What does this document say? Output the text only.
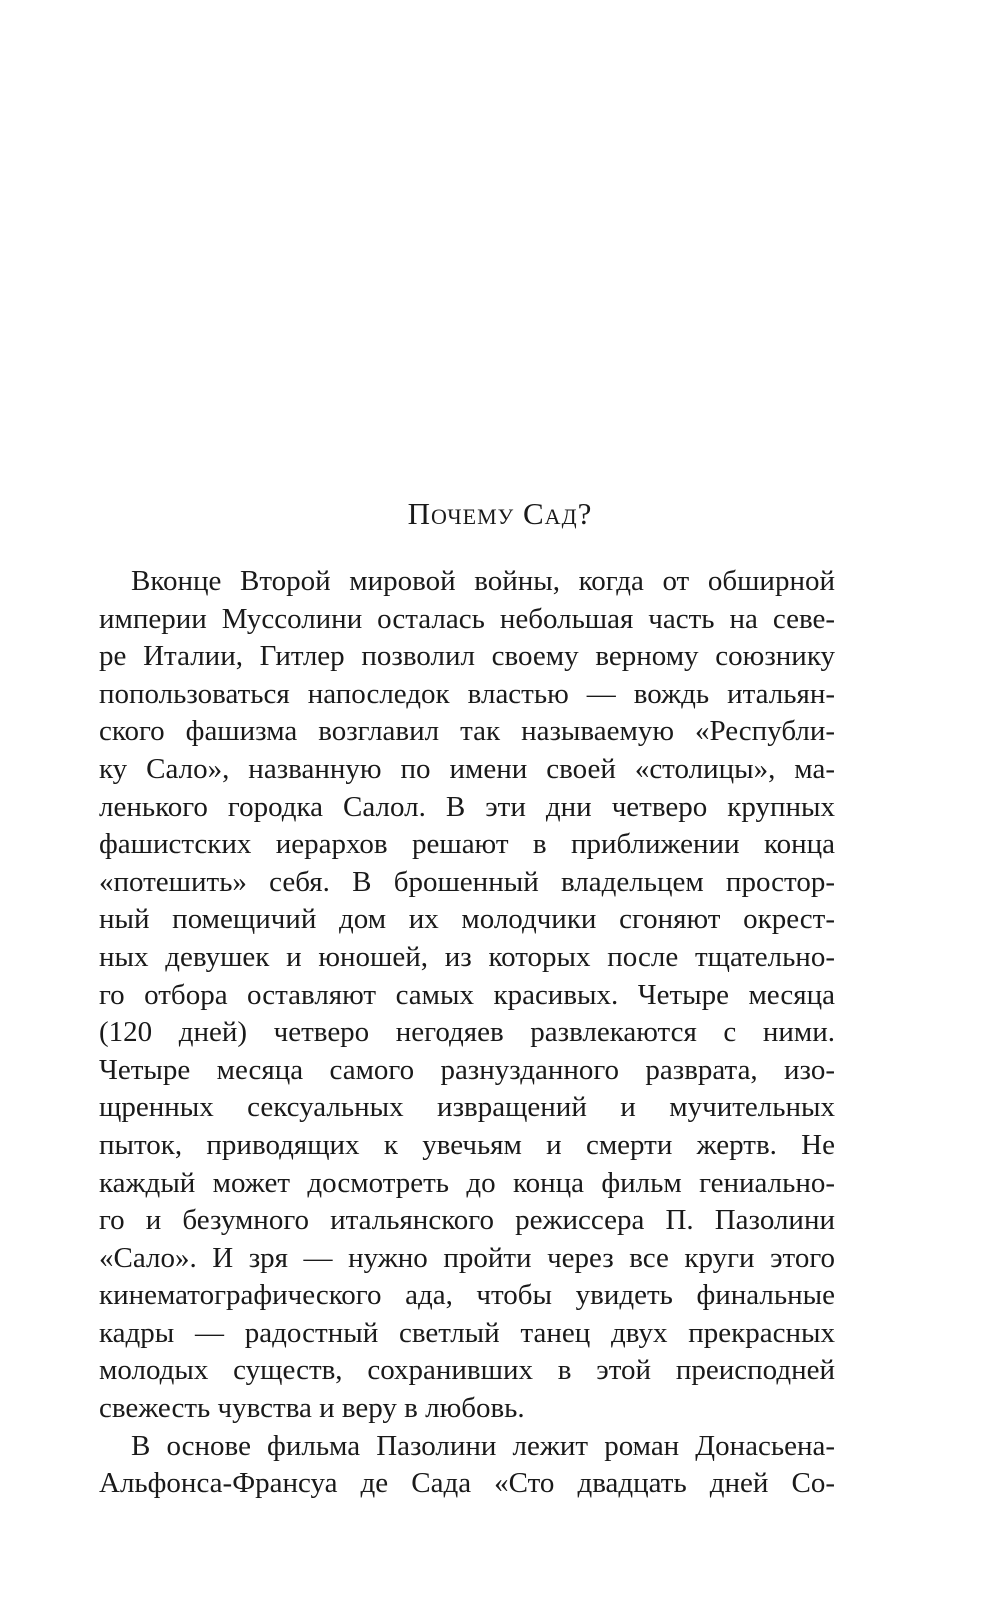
Почему Сад?
Вконце Второй мировой войны, когда от обширной
империи Муссолини осталась небольшая часть на севе-
ре Италии, Гитлер позволил своему верному союзнику
попользоваться напоследок властью — вождь итальян-
ского фашизма возглавил так называемую «Республи-
ку Сало», названную по имени своей «столицы», ма-
ленького городка Салол. В эти дни четверо крупных
фашистских иерархов решают в приближении конца
«потешить» себя. В брошенный владельцем простор-
ный помещичий дом их молодчики сгоняют окрест-
ных девушек и юношей, из которых после тщательно-
го отбора оставляют самых красивых. Четыре месяца
(120 дней) четверо негодяев развлекаются с ними.
Четыре месяца самого разнузданного разврата, изо-
щренных сексуальных извращений и мучительных
пыток, приводящих к увечьям и смерти жертв. Не
каждый может досмотреть до конца фильм гениально-
го и безумного итальянского режиссера П. Пазолини
«Сало». И зря — нужно пройти через все круги этого
кинематографического ада, чтобы увидеть финальные
кадры — радостный светлый танец двух прекрасных
молодых существ, сохранивших в этой преисподней
свежесть чувства и веру в любовь.
В основе фильма Пазолини лежит роман Донасьена-
Альфонса-Франсуа де Сада «Сто двадцать дней Со-
